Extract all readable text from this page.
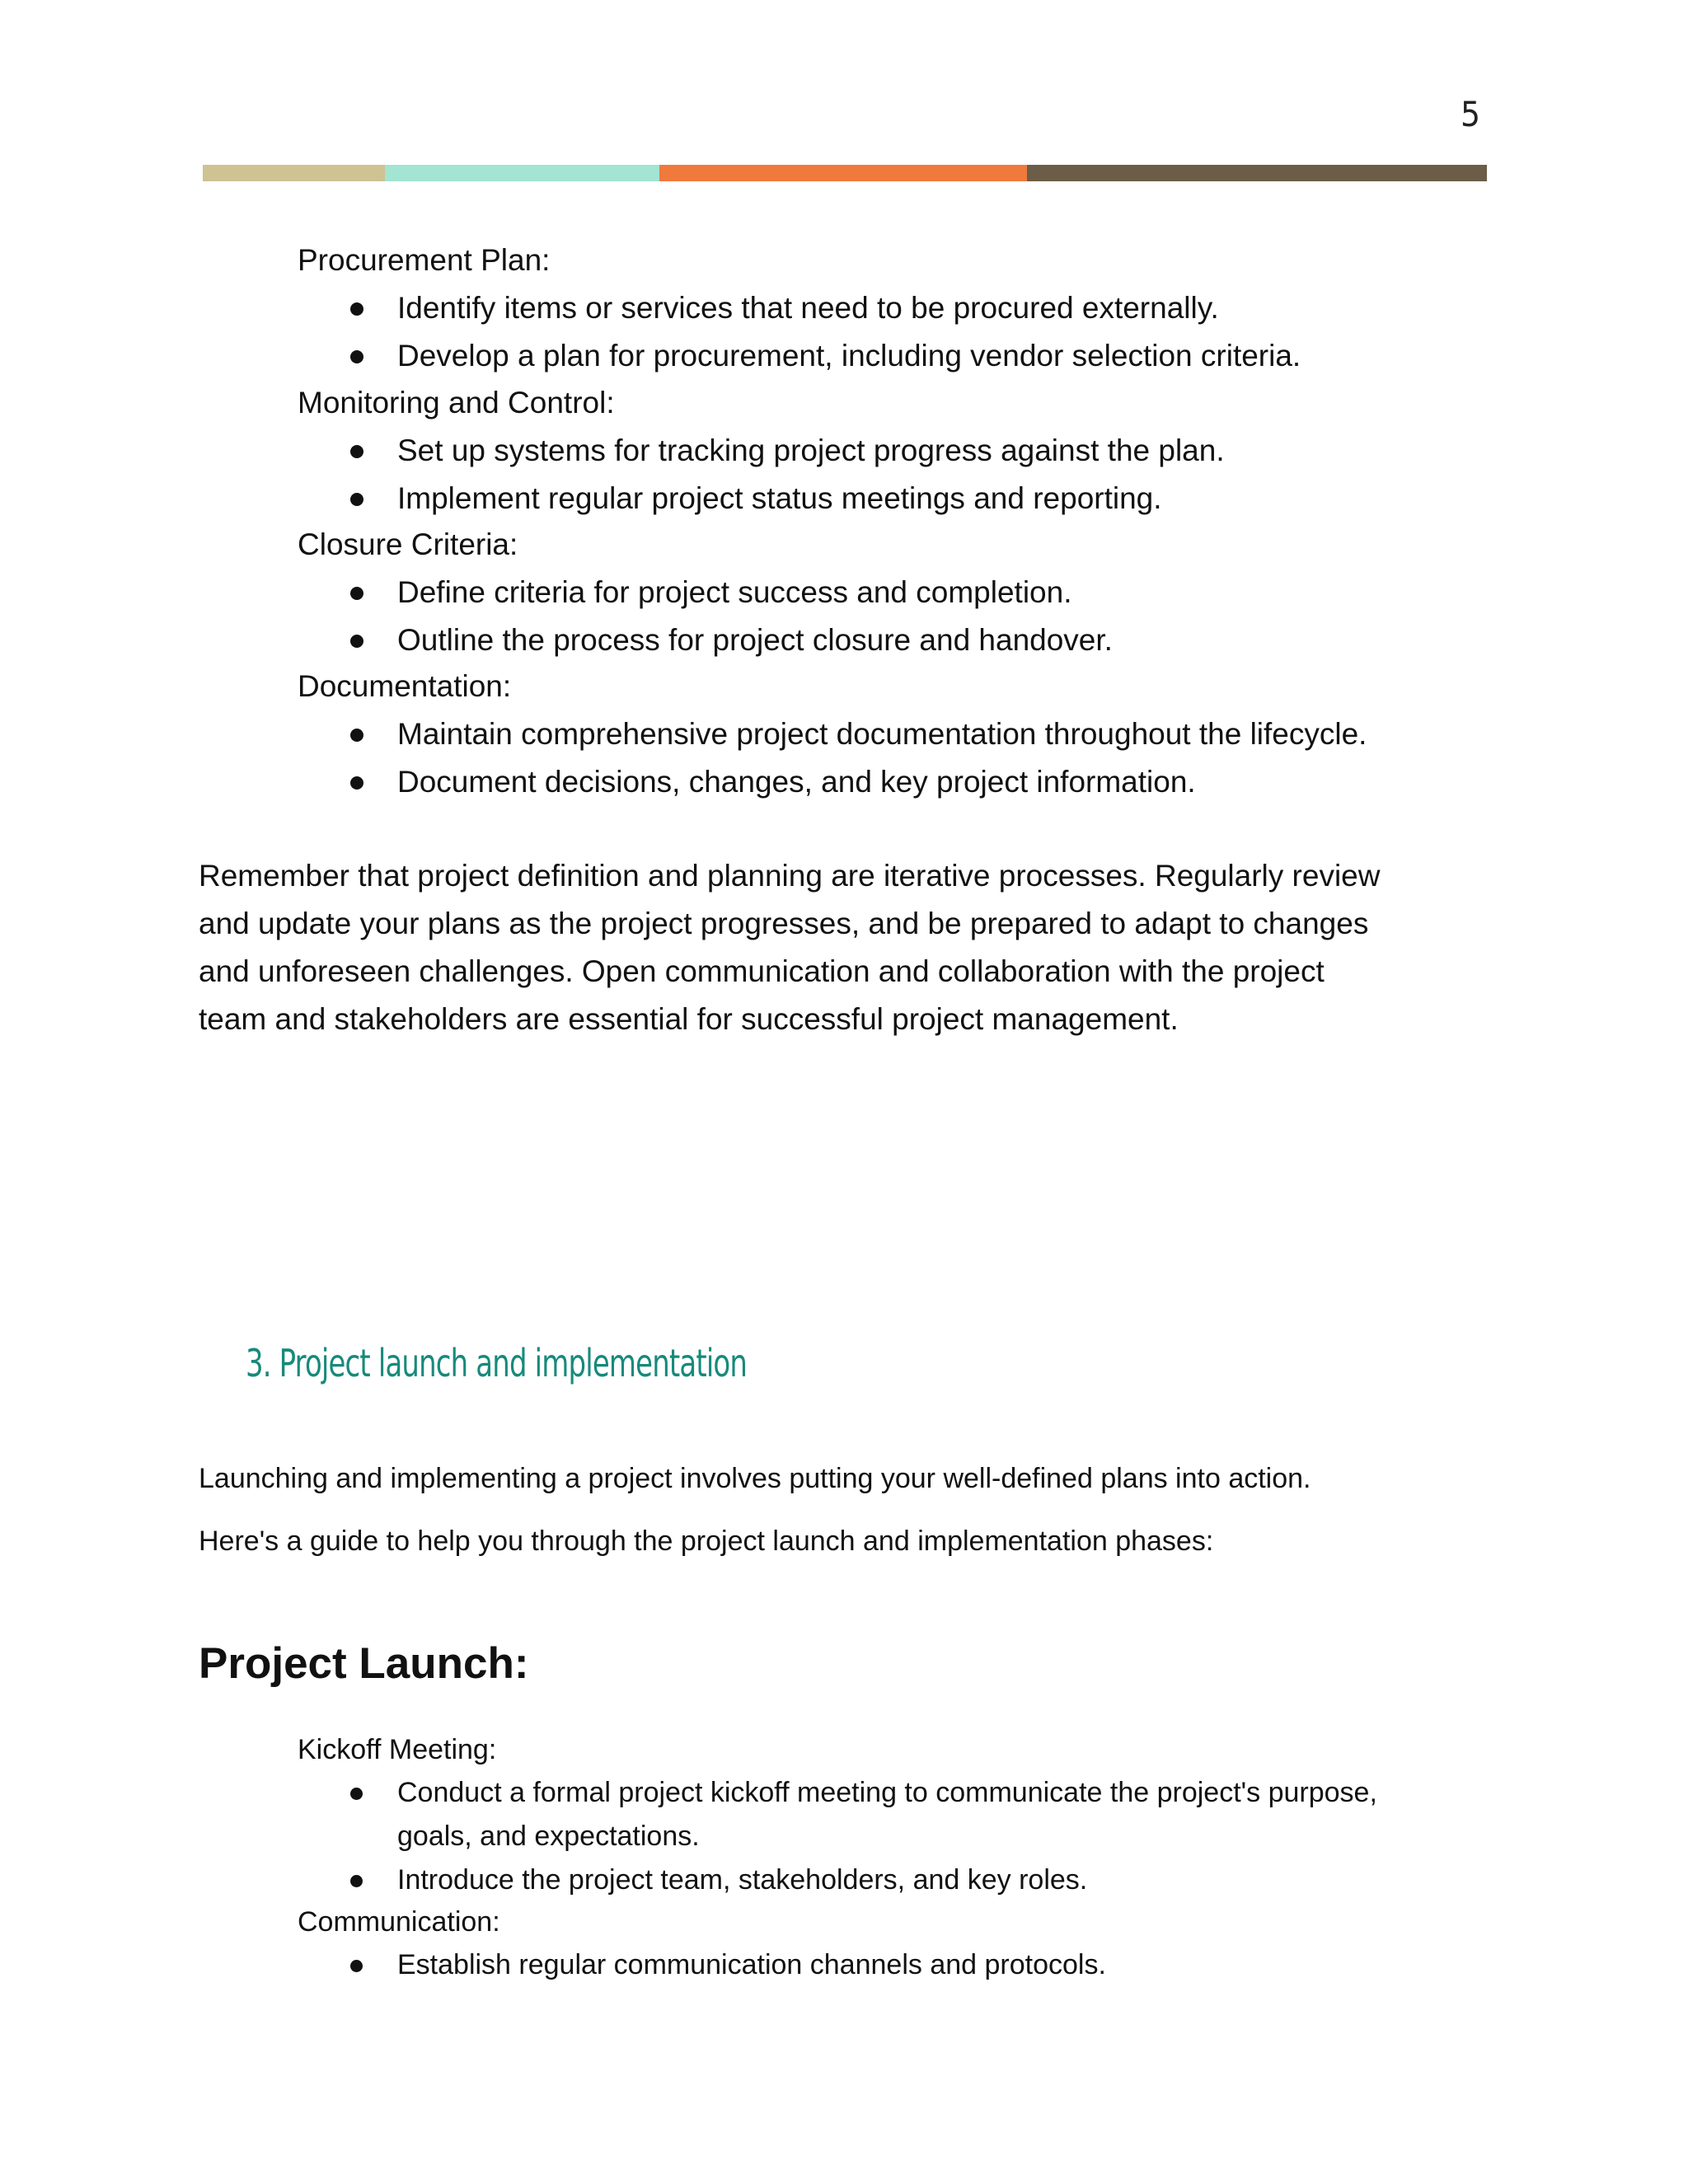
5
Procurement Plan:
Identify items or services that need to be procured externally.
Develop a plan for procurement, including vendor selection criteria.
Monitoring and Control:
Set up systems for tracking project progress against the plan.
Implement regular project status meetings and reporting.
Closure Criteria:
Define criteria for project success and completion.
Outline the process for project closure and handover.
Documentation:
Maintain comprehensive project documentation throughout the lifecycle.
Document decisions, changes, and key project information.
Remember that project definition and planning are iterative processes. Regularly review
and update your plans as the project progresses, and be prepared to adapt to changes
and unforeseen challenges. Open communication and collaboration with the project
team and stakeholders are essential for successful project management.
3. Project launch and implementation

Launching and implementing a project involves putting your well-defined plans into action.

Here's a guide to help you through the project launch and implementation phases:

Project Launch:
Kickoff Meeting:
Conduct a formal project kickoff meeting to communicate the project's purpose,
goals, and expectations.
Introduce the project team, stakeholders, and key roles.
Communication:
Establish regular communication channels and protocols.
